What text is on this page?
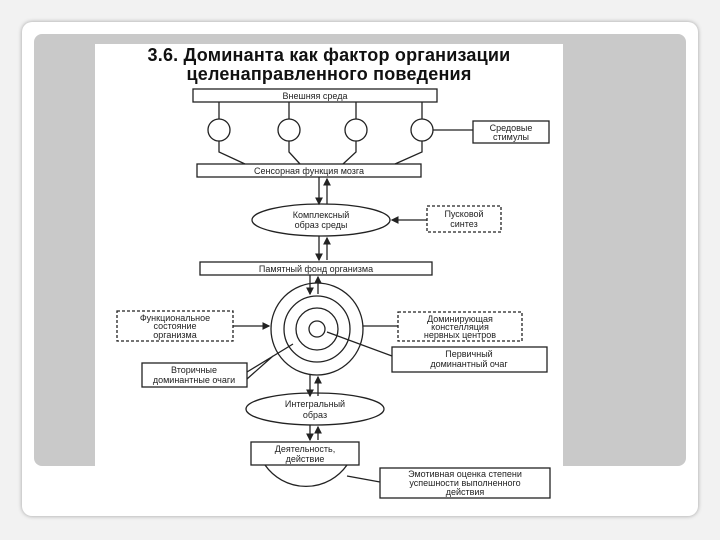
3.6. Доминанта как фактор организации
целенаправленного поведения
Внешняя среда
Средовые
стимулы
Сенсорная функция мозга
Комплексный
образ среды
Пусковой
синтез
Памятный фонд организма
Функциональное
состояние
организма
Доминирующая
констелляция
нервных центров
Первичный
доминантный очаг
Вторичные
доминантные очаги
Интегральный
образ
Деятельность,
действие
Эмотивная оценка степени
успешности выполненного
действия
